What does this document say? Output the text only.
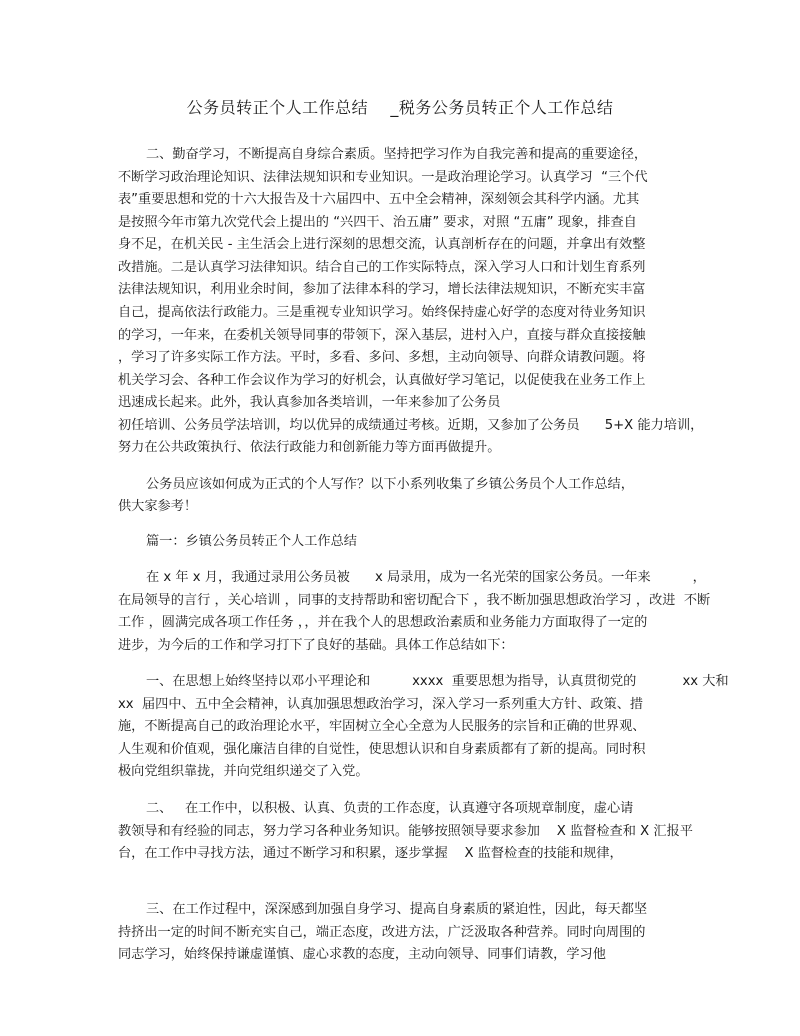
公务员转正个人工作总结    _税务公务员转正个人工作总结
二、勤奋学习，不断提高自身综合素质。坚持把学习作为自我完善和提高的重要途径，
不断学习政治理论知识、法律法规知识和专业知识。一是政治理论学习。认真学习  “三个代
表”重要思想和党的十六大报告及十六届四中、五中全会精神，深刻领会其科学内涵。尤其
是按照今年市第九次党代会上提出的 “兴四干、治五庸” 要求，对照 “五庸” 现象，排查自
身不足，在机关民 - 主生活会上进行深刻的思想交流，认真剖析存在的问题，并拿出有效整
改措施。二是认真学习法律知识。结合自己的工作实际特点，深入学习人口和计划生育系列
法律法规知识，利用业余时间，参加了法律本科的学习，增长法律法规知识，不断充实丰富
自己，提高依法行政能力。三是重视专业知识学习。始终保持虚心好学的态度对待业务知识
的学习，一年来，在委机关领导同事的带领下，深入基层，进村入户，直接与群众直接接触
，学习了许多实际工作方法。平时，多看、多问、多想，主动向领导、向群众请教问题。将
机关学习会、各种工作会议作为学习的好机会，认真做好学习笔记，以促使我在业务工作上
迅速成长起来。此外，我认真参加各类培训，一年来参加了公务员
初任培训、公务员学法培训，均以优异的成绩通过考核。近期，又参加了公务员      5+X 能力培训，
努力在公共政策执行、依法行政能力和创新能力等方面再做提升。
公务员应该如何成为正式的个人写作？以下小系列收集了乡镇公务员个人工作总结，
供大家参考！
篇一：乡镇公务员转正个人工作总结
在 x 年 x 月，我通过录用公务员被      x 局录用，成为一名光荣的国家公务员。一年来          ，
在局领导的言行 ，关心培训 ，同事的支持帮助和密切配合下 ，我不断加强思想政治学习 ，改进  不断
工作 ，圆满完成各项工作任务 ，，并在我个人的思想政治素质和业务能力方面取得了一定的
进步，为今后的工作和学习打下了良好的基础。具体工作总结如下：
一、在思想上始终坚持以邓小平理论和          xxxx  重要思想为指导，认真贯彻党的           xx 大和
xx  届四中、五中全会精神，认真加强思想政治学习，深入学习一系列重大方针、政策、措
施，不断提高自己的政治理论水平，牢固树立全心全意为人民服务的宗旨和正确的世界观、
人生观和价值观，强化廉洁自律的自觉性，使思想认识和自身素质都有了新的提高。同时积
极向党组织靠拢，并向党组织递交了入党。
二、   在工作中，以积极、认真、负责的工作态度，认真遵守各项规章制度，虚心请
教领导和有经验的同志，努力学习各种业务知识。能够按照领导要求参加    X 监督检查和 X 汇报平
台，在工作中寻找方法，通过不断学习和积累，逐步掌握    X 监督检查的技能和规律，
三、在工作过程中，深深感到加强自身学习、提高自身素质的紧迫性，因此，每天都坚
持挤出一定的时间不断充实自己，端正态度，改进方法，广泛汲取各种营养。同时向周围的
同志学习，始终保持谦虚谨慎、虚心求教的态度，主动向领导、同事们请教，学习他
